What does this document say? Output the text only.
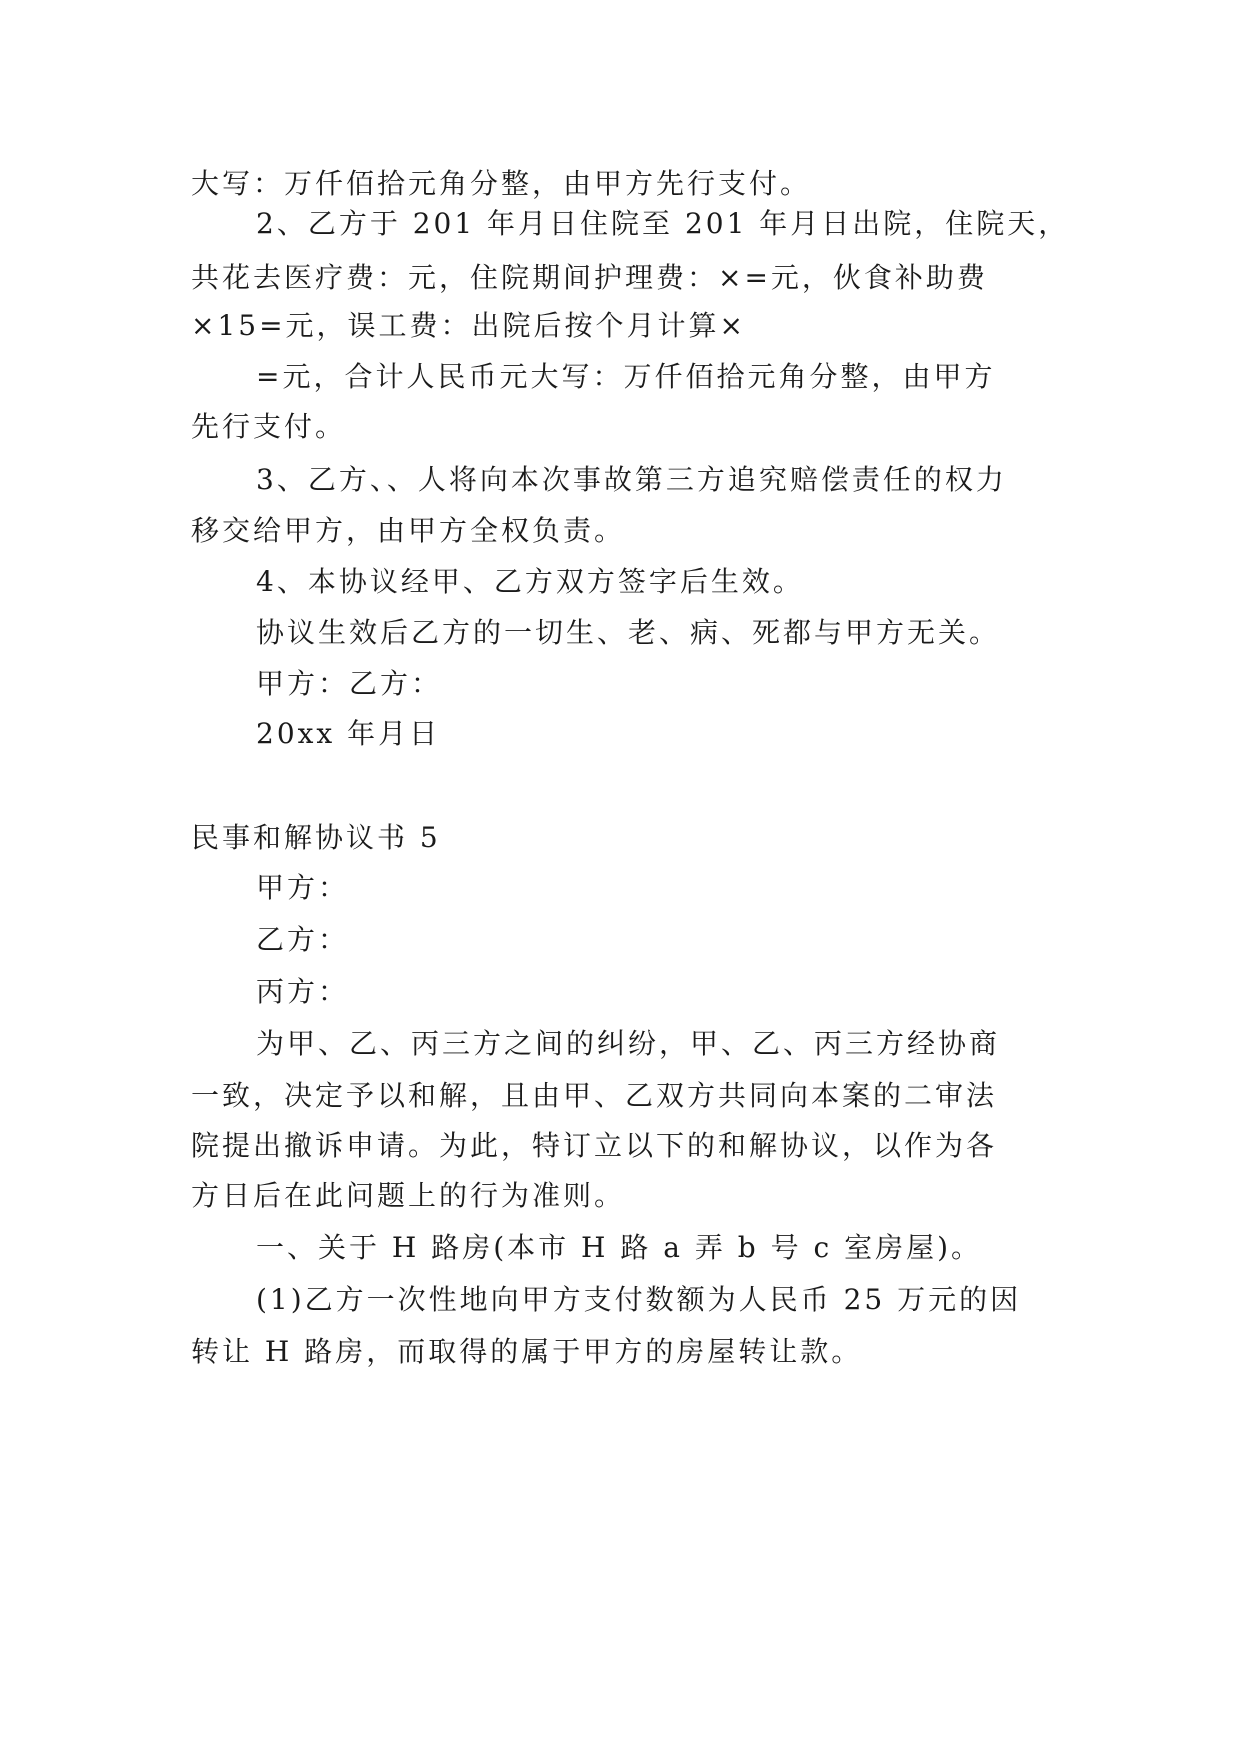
大写：万仟佰拾元角分整，由甲方先行支付。
2、乙方于 201 年月日住院至 201 年月日出院，住院天，
共花去医疗费：元，住院期间护理费：×=元，伙食补助费
×15=元，误工费：出院后按个月计算×
=元，合计人民币元大写：万仟佰拾元角分整，由甲方
先行支付。
3、乙方、、人将向本次事故第三方追究赔偿责任的权力
移交给甲方，由甲方全权负责。
4、本协议经甲、乙方双方签字后生效。
协议生效后乙方的一切生、老、病、死都与甲方无关。
甲方：乙方：
20xx 年月日
民事和解协议书 5
甲方：
乙方：
丙方：
为甲、乙、丙三方之间的纠纷，甲、乙、丙三方经协商
一致，决定予以和解，且由甲、乙双方共同向本案的二审法
院提出撤诉申请。为此，特订立以下的和解协议，以作为各
方日后在此问题上的行为准则。
一、关于 H 路房(本市 H 路 a 弄 b 号 c 室房屋)。
(1)乙方一次性地向甲方支付数额为人民币 25 万元的因
转让 H 路房，而取得的属于甲方的房屋转让款。
